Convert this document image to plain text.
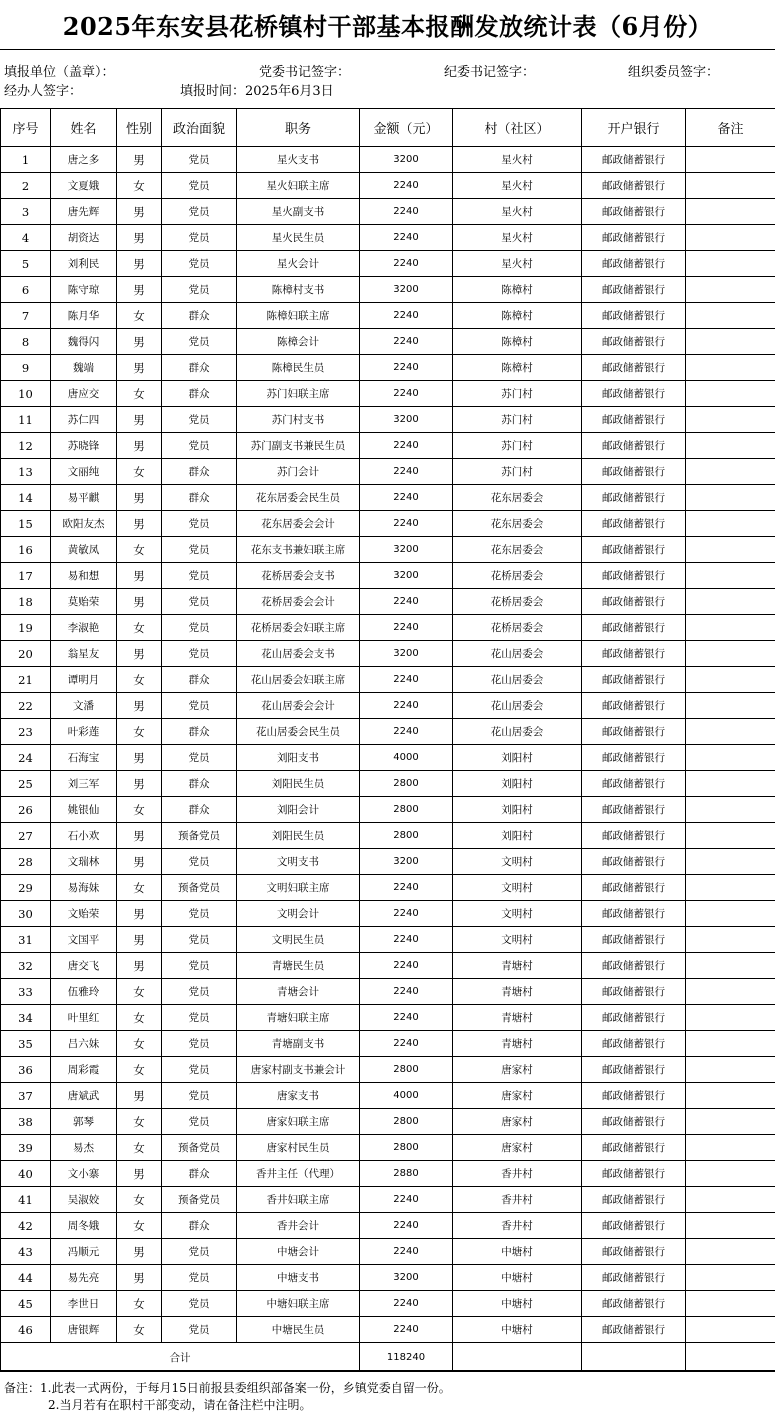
2025年东安县花桥镇村干部基本报酬发放统计表（6月份）
填报单位（盖章）：	党委书记签字：	纪委书记签字：	组织委员签字：
经办人签字：	填报时间：2025年6月3日
序号	姓名	性别	政治面貌	职务	金额（元）	村（社区）	开户银行	备注
1	唐之多	男	党员	星火支书	3200	星火村	邮政储蓄银行	
2	文夏娥	女	党员	星火妇联主席	2240	星火村	邮政储蓄银行	
3	唐先辉	男	党员	星火副支书	2240	星火村	邮政储蓄银行	
4	胡资达	男	党员	星火民生员	2240	星火村	邮政储蓄银行	
5	刘利民	男	党员	星火会计	2240	星火村	邮政储蓄银行	
6	陈守琼	男	党员	陈樟村支书	3200	陈樟村	邮政储蓄银行	
7	陈月华	女	群众	陈樟妇联主席	2240	陈樟村	邮政储蓄银行	
8	魏得闪	男	党员	陈樟会计	2240	陈樟村	邮政储蓄银行	
9	魏端	男	群众	陈樟民生员	2240	陈樟村	邮政储蓄银行	
10	唐应交	女	群众	苏门妇联主席	2240	苏门村	邮政储蓄银行	
11	苏仁四	男	党员	苏门村支书	3200	苏门村	邮政储蓄银行	
12	苏晓锋	男	党员	苏门副支书兼民生员	2240	苏门村	邮政储蓄银行	
13	文丽纯	女	群众	苏门会计	2240	苏门村	邮政储蓄银行	
14	易平麒	男	群众	花东居委会民生员	2240	花东居委会	邮政储蓄银行	
15	欧阳友杰	男	党员	花东居委会会计	2240	花东居委会	邮政储蓄银行	
16	黄敏凤	女	党员	花东支书兼妇联主席	3200	花东居委会	邮政储蓄银行	
17	易和想	男	党员	花桥居委会支书	3200	花桥居委会	邮政储蓄银行	
18	莫贻荣	男	党员	花桥居委会会计	2240	花桥居委会	邮政储蓄银行	
19	李淑艳	女	党员	花桥居委会妇联主席	2240	花桥居委会	邮政储蓄银行	
20	翁星友	男	党员	花山居委会支书	3200	花山居委会	邮政储蓄银行	
21	谭明月	女	群众	花山居委会妇联主席	2240	花山居委会	邮政储蓄银行	
22	文潘	男	党员	花山居委会会计	2240	花山居委会	邮政储蓄银行	
23	叶彩莲	女	群众	花山居委会民生员	2240	花山居委会	邮政储蓄银行	
24	石海宝	男	党员	刘阳支书	4000	刘阳村	邮政储蓄银行	
25	刘三军	男	群众	刘阳民生员	2800	刘阳村	邮政储蓄银行	
26	姚银仙	女	群众	刘阳会计	2800	刘阳村	邮政储蓄银行	
27	石小欢	男	预备党员	刘阳民生员	2800	刘阳村	邮政储蓄银行	
28	文瑞林	男	党员	文明支书	3200	文明村	邮政储蓄银行	
29	易海妹	女	预备党员	文明妇联主席	2240	文明村	邮政储蓄银行	
30	文贻荣	男	党员	文明会计	2240	文明村	邮政储蓄银行	
31	文国平	男	党员	文明民生员	2240	文明村	邮政储蓄银行	
32	唐交飞	男	党员	青塘民生员	2240	青塘村	邮政储蓄银行	
33	伍雅玲	女	党员	青塘会计	2240	青塘村	邮政储蓄银行	
34	叶里红	女	党员	青塘妇联主席	2240	青塘村	邮政储蓄银行	
35	吕六妹	女	党员	青塘副支书	2240	青塘村	邮政储蓄银行	
36	周彩霞	女	党员	唐家村副支书兼会计	2800	唐家村	邮政储蓄银行	
37	唐斌武	男	党员	唐家支书	4000	唐家村	邮政储蓄银行	
38	郭琴	女	党员	唐家妇联主席	2800	唐家村	邮政储蓄银行	
39	易杰	女	预备党员	唐家村民生员	2800	唐家村	邮政储蓄银行	
40	文小寨	男	群众	香井主任（代理）	2880	香井村	邮政储蓄银行	
41	吴淑姣	女	预备党员	香井妇联主席	2240	香井村	邮政储蓄银行	
42	周冬娥	女	群众	香井会计	2240	香井村	邮政储蓄银行	
43	冯顺元	男	党员	中塘会计	2240	中塘村	邮政储蓄银行	
44	易先亮	男	党员	中塘支书	3200	中塘村	邮政储蓄银行	
45	李世日	女	党员	中塘妇联主席	2240	中塘村	邮政储蓄银行	
46	唐银辉	女	党员	中塘民生员	2240	中塘村	邮政储蓄银行	
合计					118240			
备注：1.此表一式两份，于每月15日前报县委组织部备案一份，乡镇党委自留一份。
2.当月若有在职村干部变动，请在备注栏中注明。
